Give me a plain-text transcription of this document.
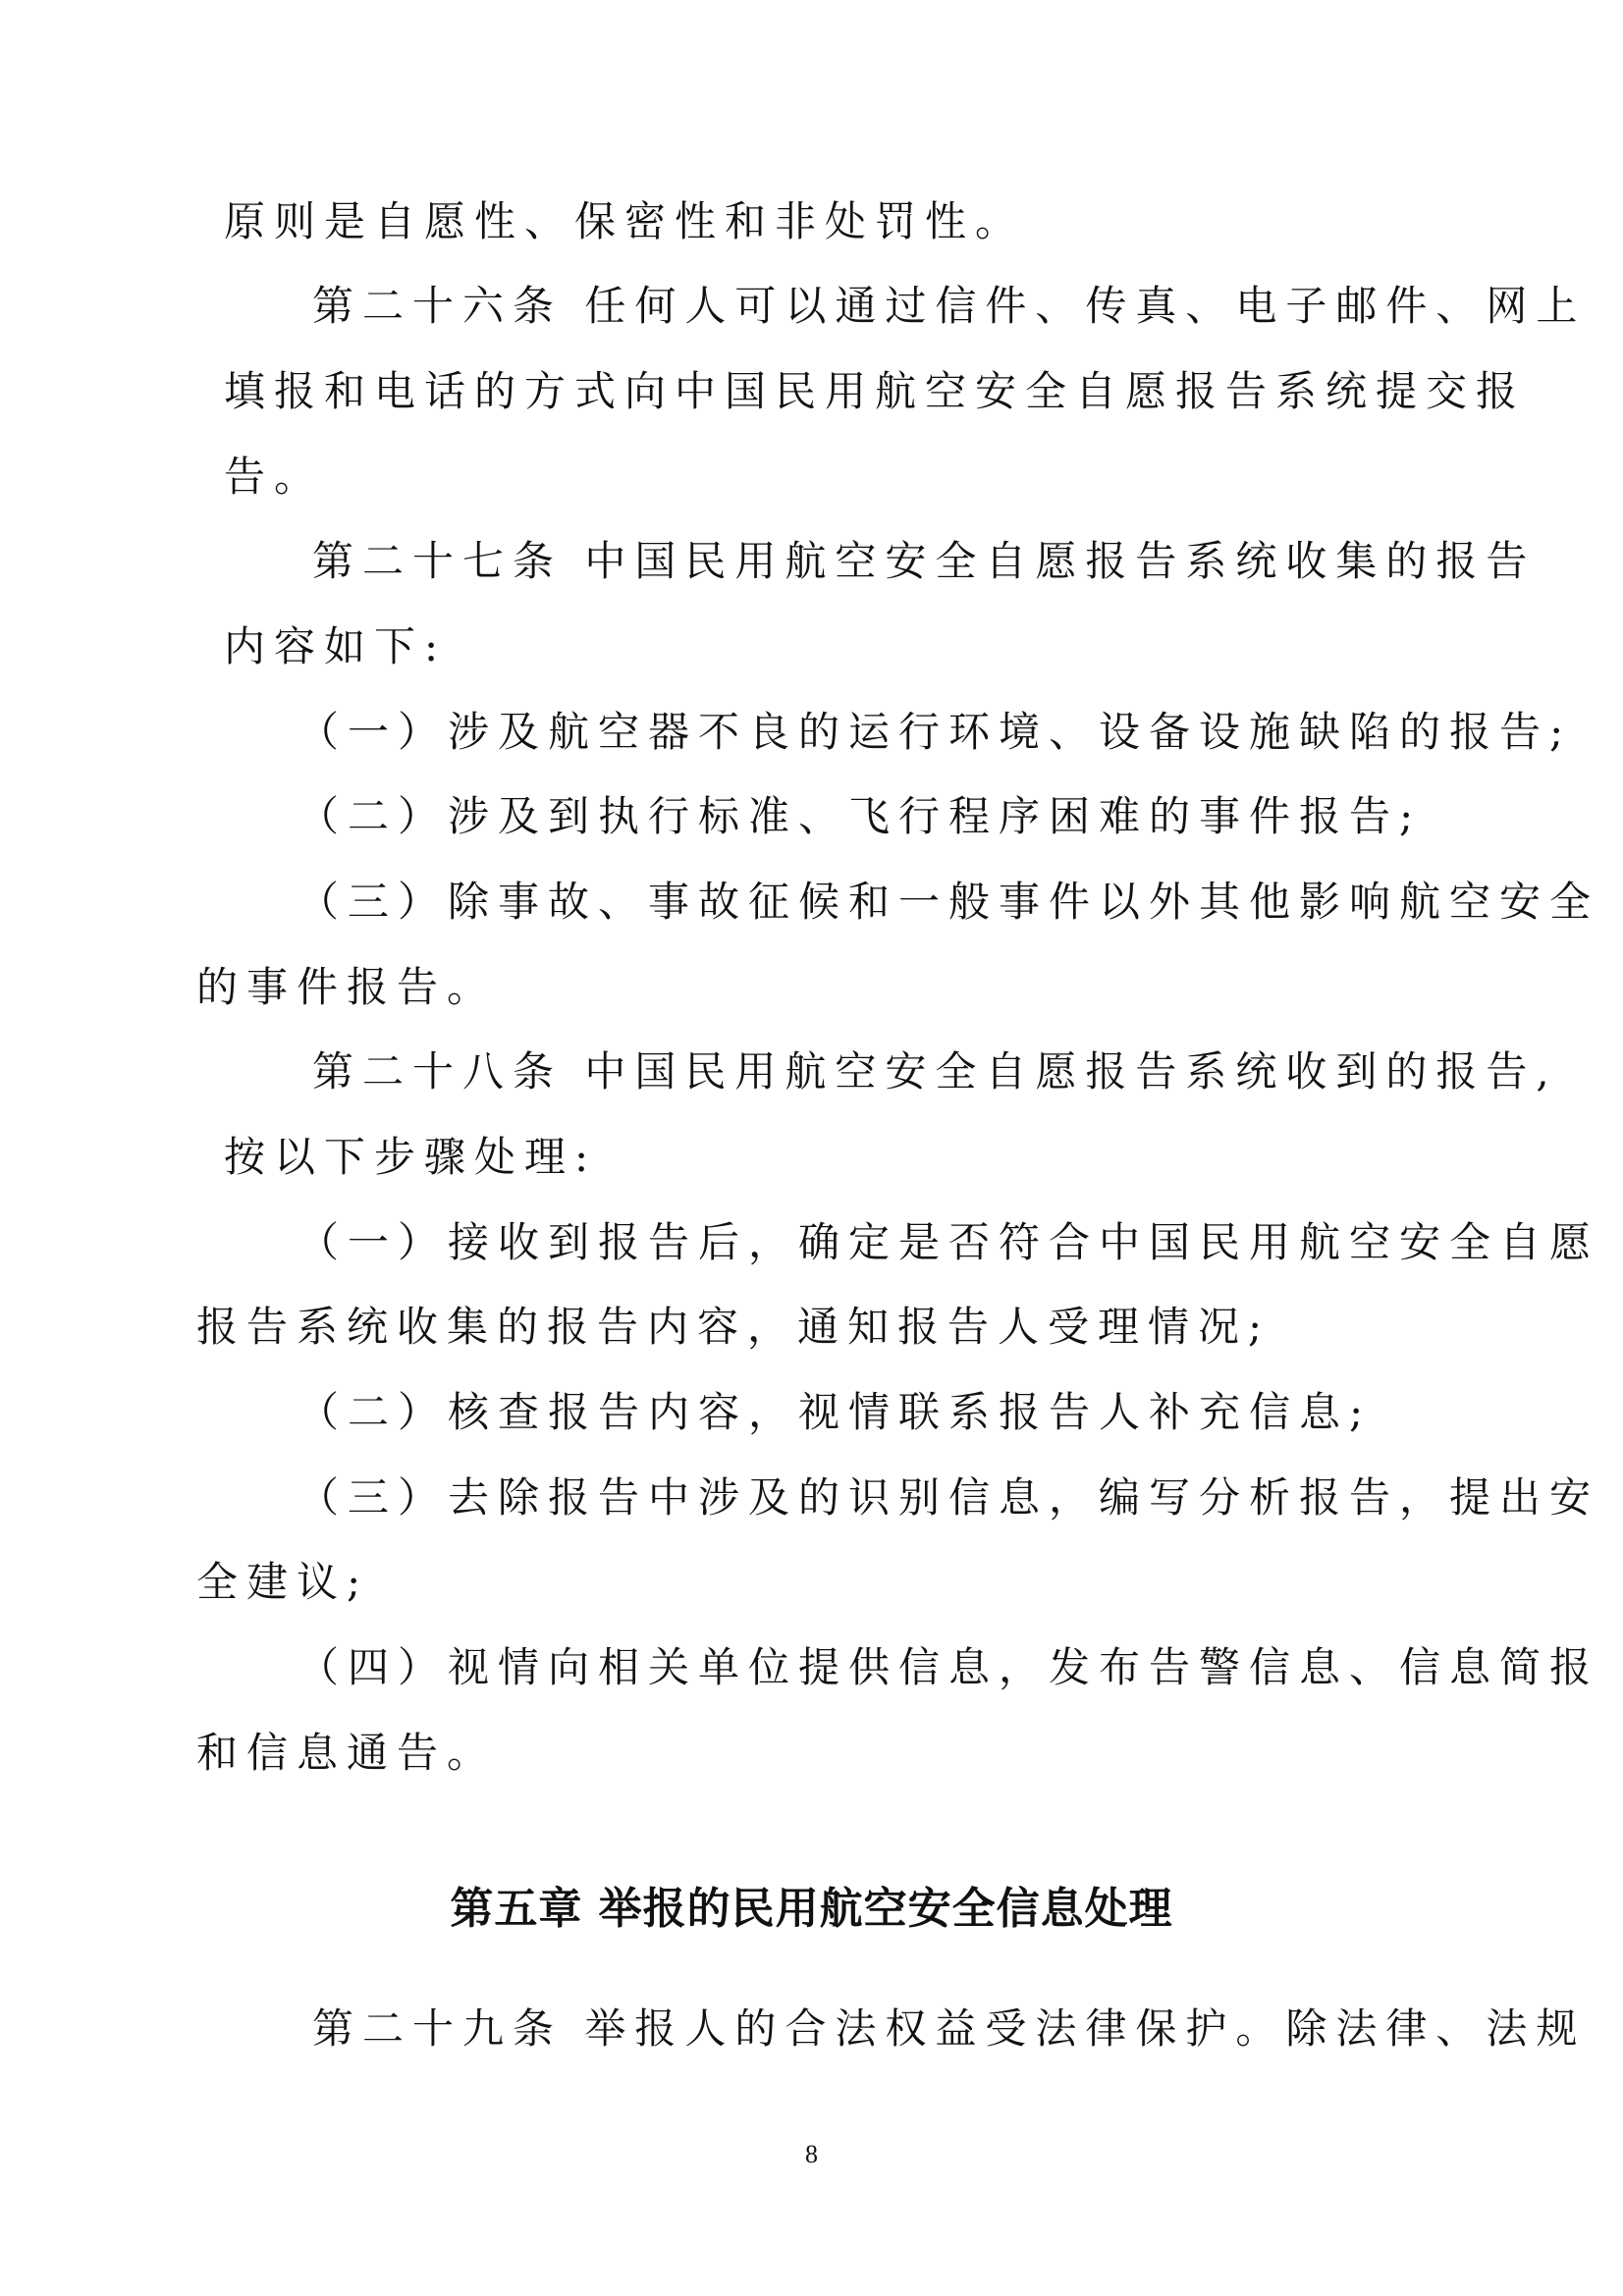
原则是自愿性、保密性和非处罚性。
第二十六条 任何人可以通过信件、传真、电子邮件、网上
填报和电话的方式向中国民用航空安全自愿报告系统提交报
告。
第二十七条 中国民用航空安全自愿报告系统收集的报告
内容如下:
（一）涉及航空器不良的运行环境、设备设施缺陷的报告;
（二）涉及到执行标准、飞行程序困难的事件报告;
（三）除事故、事故征候和一般事件以外其他影响航空安全
的事件报告。
第二十八条 中国民用航空安全自愿报告系统收到的报告,
按以下步骤处理:
（一）接收到报告后，确定是否符合中国民用航空安全自愿
报告系统收集的报告内容，通知报告人受理情况;
（二）核查报告内容，视情联系报告人补充信息;
（三）去除报告中涉及的识别信息，编写分析报告，提出安
全建议;
（四）视情向相关单位提供信息，发布告警信息、信息简报
和信息通告。
第五章 举报的民用航空安全信息处理
第二十九条 举报人的合法权益受法律保护。除法律、法规
8
